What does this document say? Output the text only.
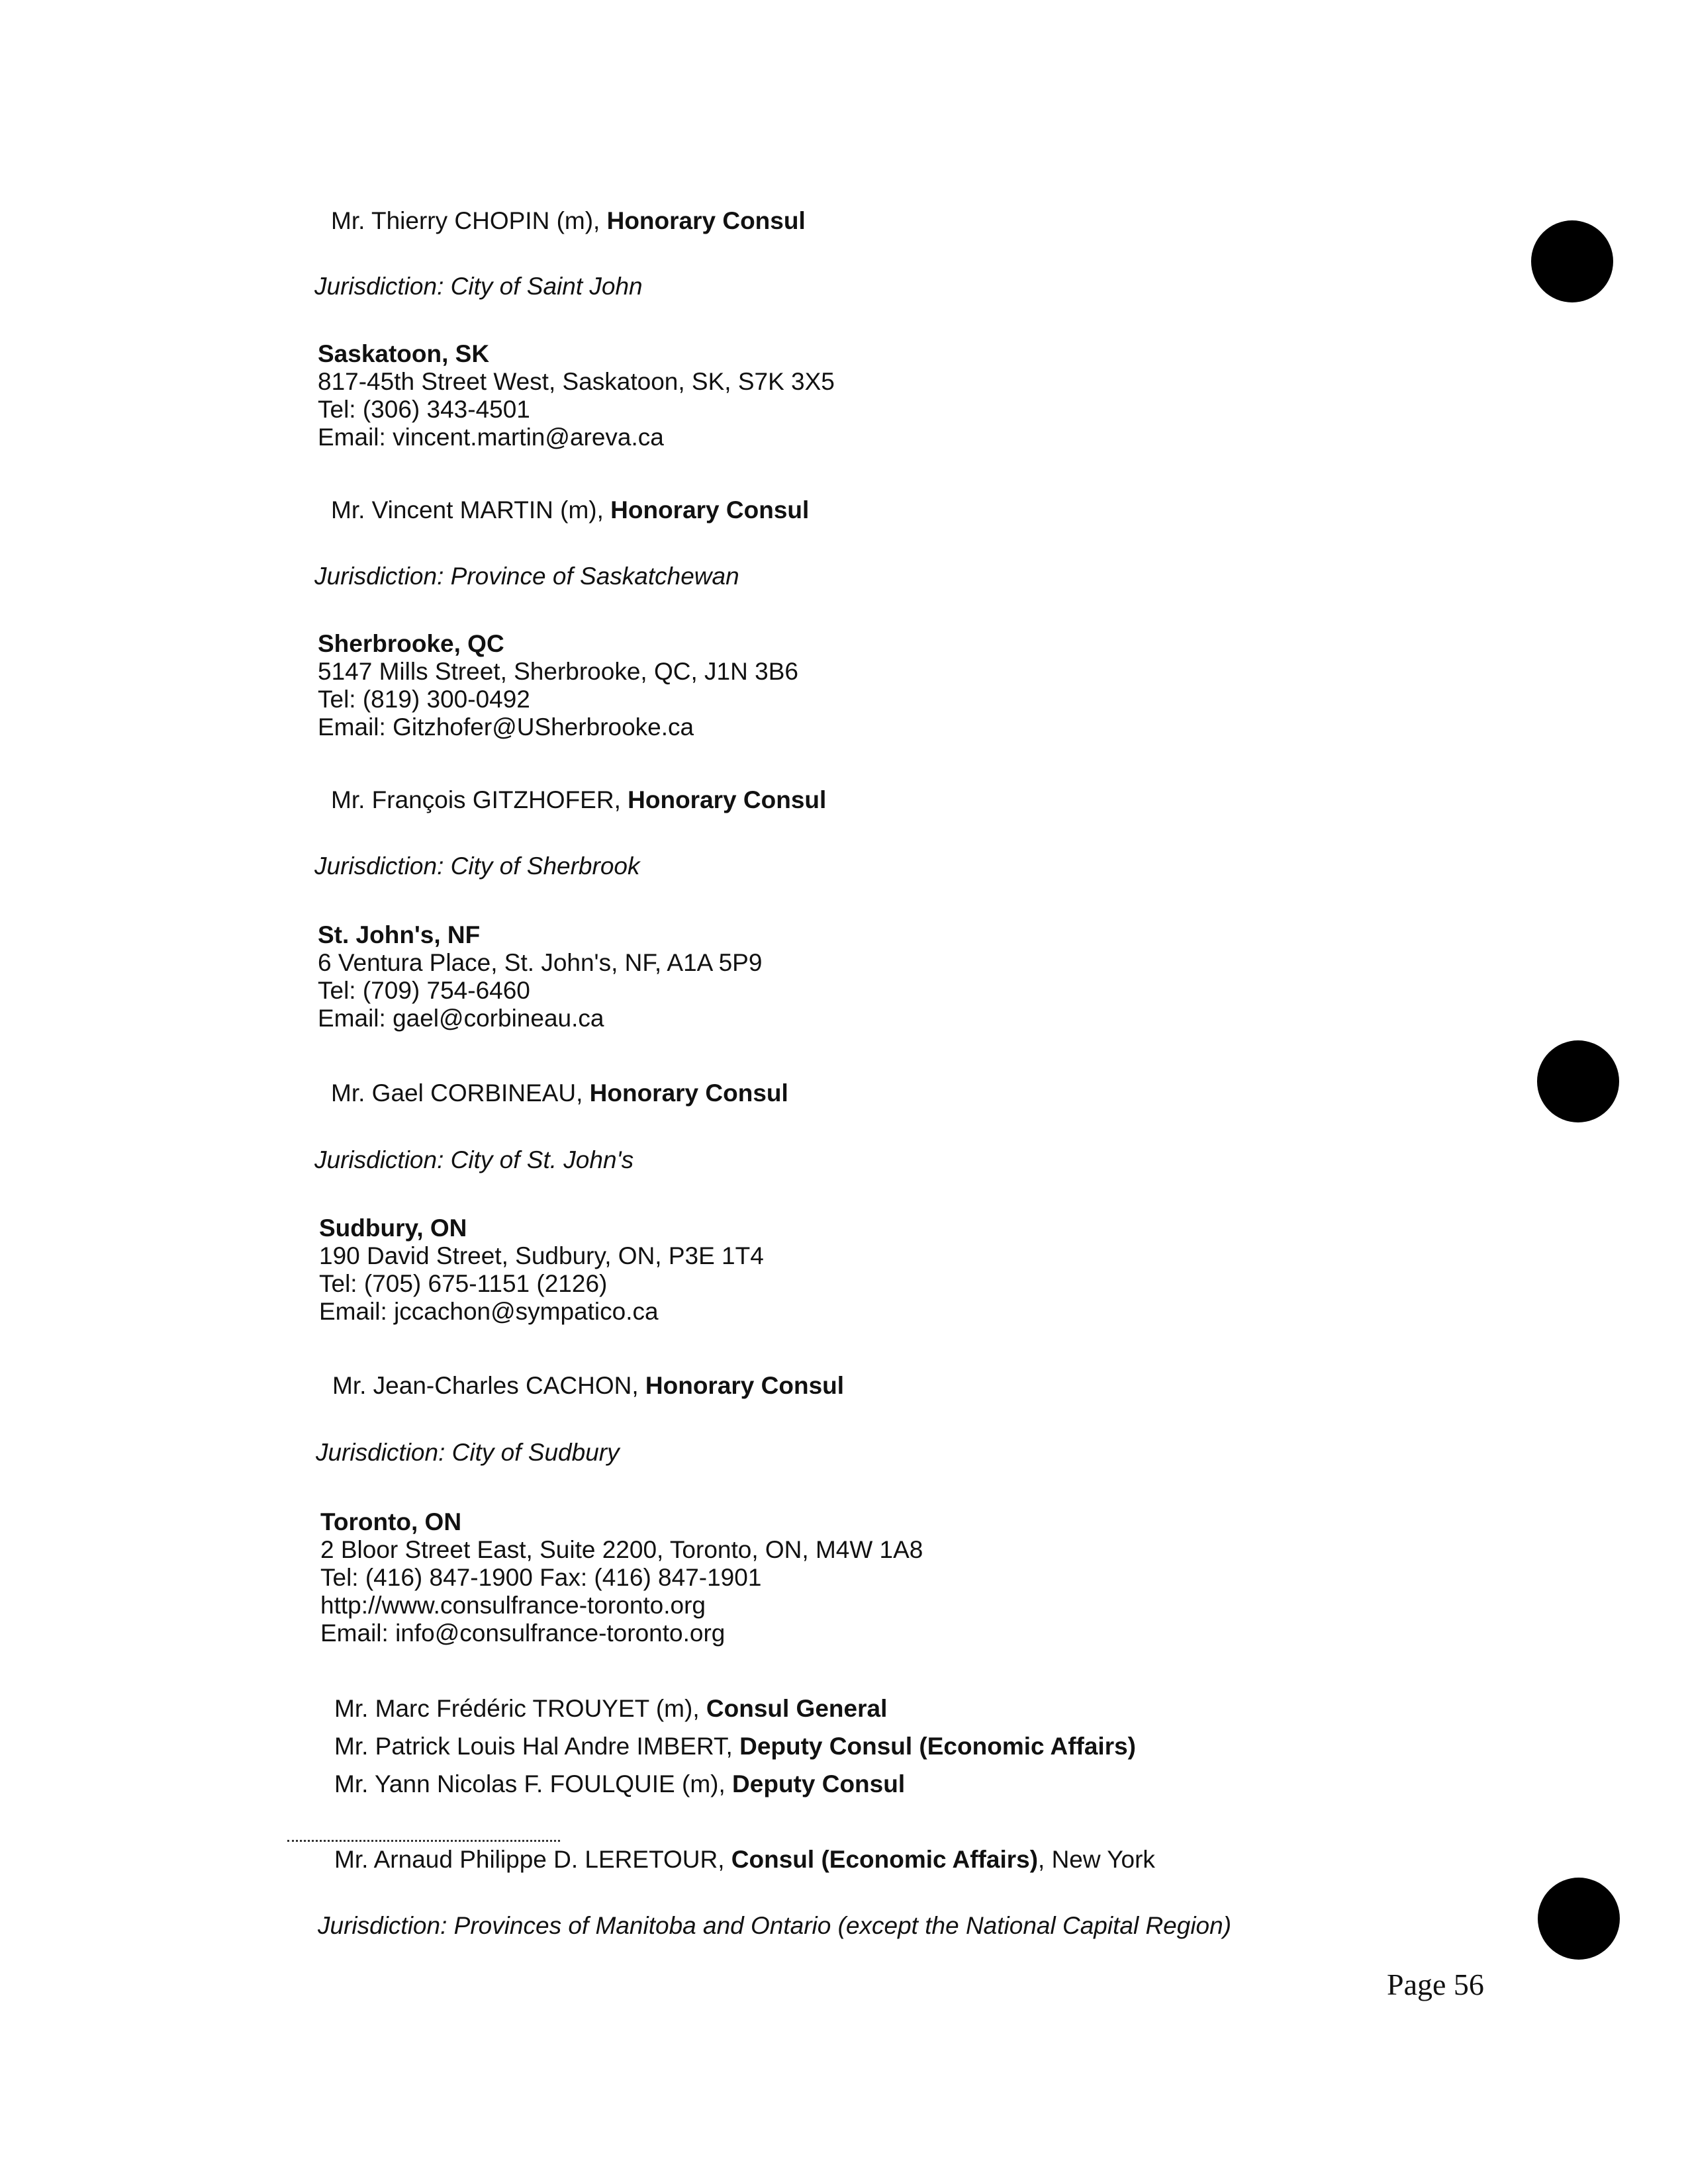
Mr. Thierry CHOPIN (m), Honorary Consul
Jurisdiction: City of Saint John
Saskatoon, SK
817-45th Street West, Saskatoon, SK, S7K 3X5
Tel: (306) 343-4501
Email: vincent.martin@areva.ca
Mr. Vincent MARTIN (m), Honorary Consul
Jurisdiction: Province of Saskatchewan
Sherbrooke, QC
5147 Mills Street, Sherbrooke, QC, J1N 3B6
Tel: (819) 300-0492
Email: Gitzhofer@USherbrooke.ca
Mr. François GITZHOFER, Honorary Consul
Jurisdiction: City of Sherbrook
St. John's, NF
6 Ventura Place, St. John's, NF, A1A 5P9
Tel: (709) 754-6460
Email: gael@corbineau.ca
Mr. Gael CORBINEAU, Honorary Consul
Jurisdiction: City of St. John's
Sudbury, ON
190 David Street, Sudbury, ON, P3E 1T4
Tel: (705) 675-1151 (2126)
Email: jccachon@sympatico.ca
Mr. Jean-Charles CACHON, Honorary Consul
Jurisdiction: City of Sudbury
Toronto, ON
2 Bloor Street East, Suite 2200, Toronto, ON, M4W 1A8
Tel: (416) 847-1900 Fax: (416) 847-1901
http://www.consulfrance-toronto.org
Email: info@consulfrance-toronto.org
Mr. Marc Frédéric TROUYET (m), Consul General
Mr. Patrick Louis Hal Andre IMBERT, Deputy Consul (Economic Affairs)
Mr. Yann Nicolas F. FOULQUIE (m), Deputy Consul
Mr. Arnaud Philippe D. LERETOUR, Consul (Economic Affairs), New York
Jurisdiction: Provinces of Manitoba and Ontario (except the National Capital Region)
Page 56
